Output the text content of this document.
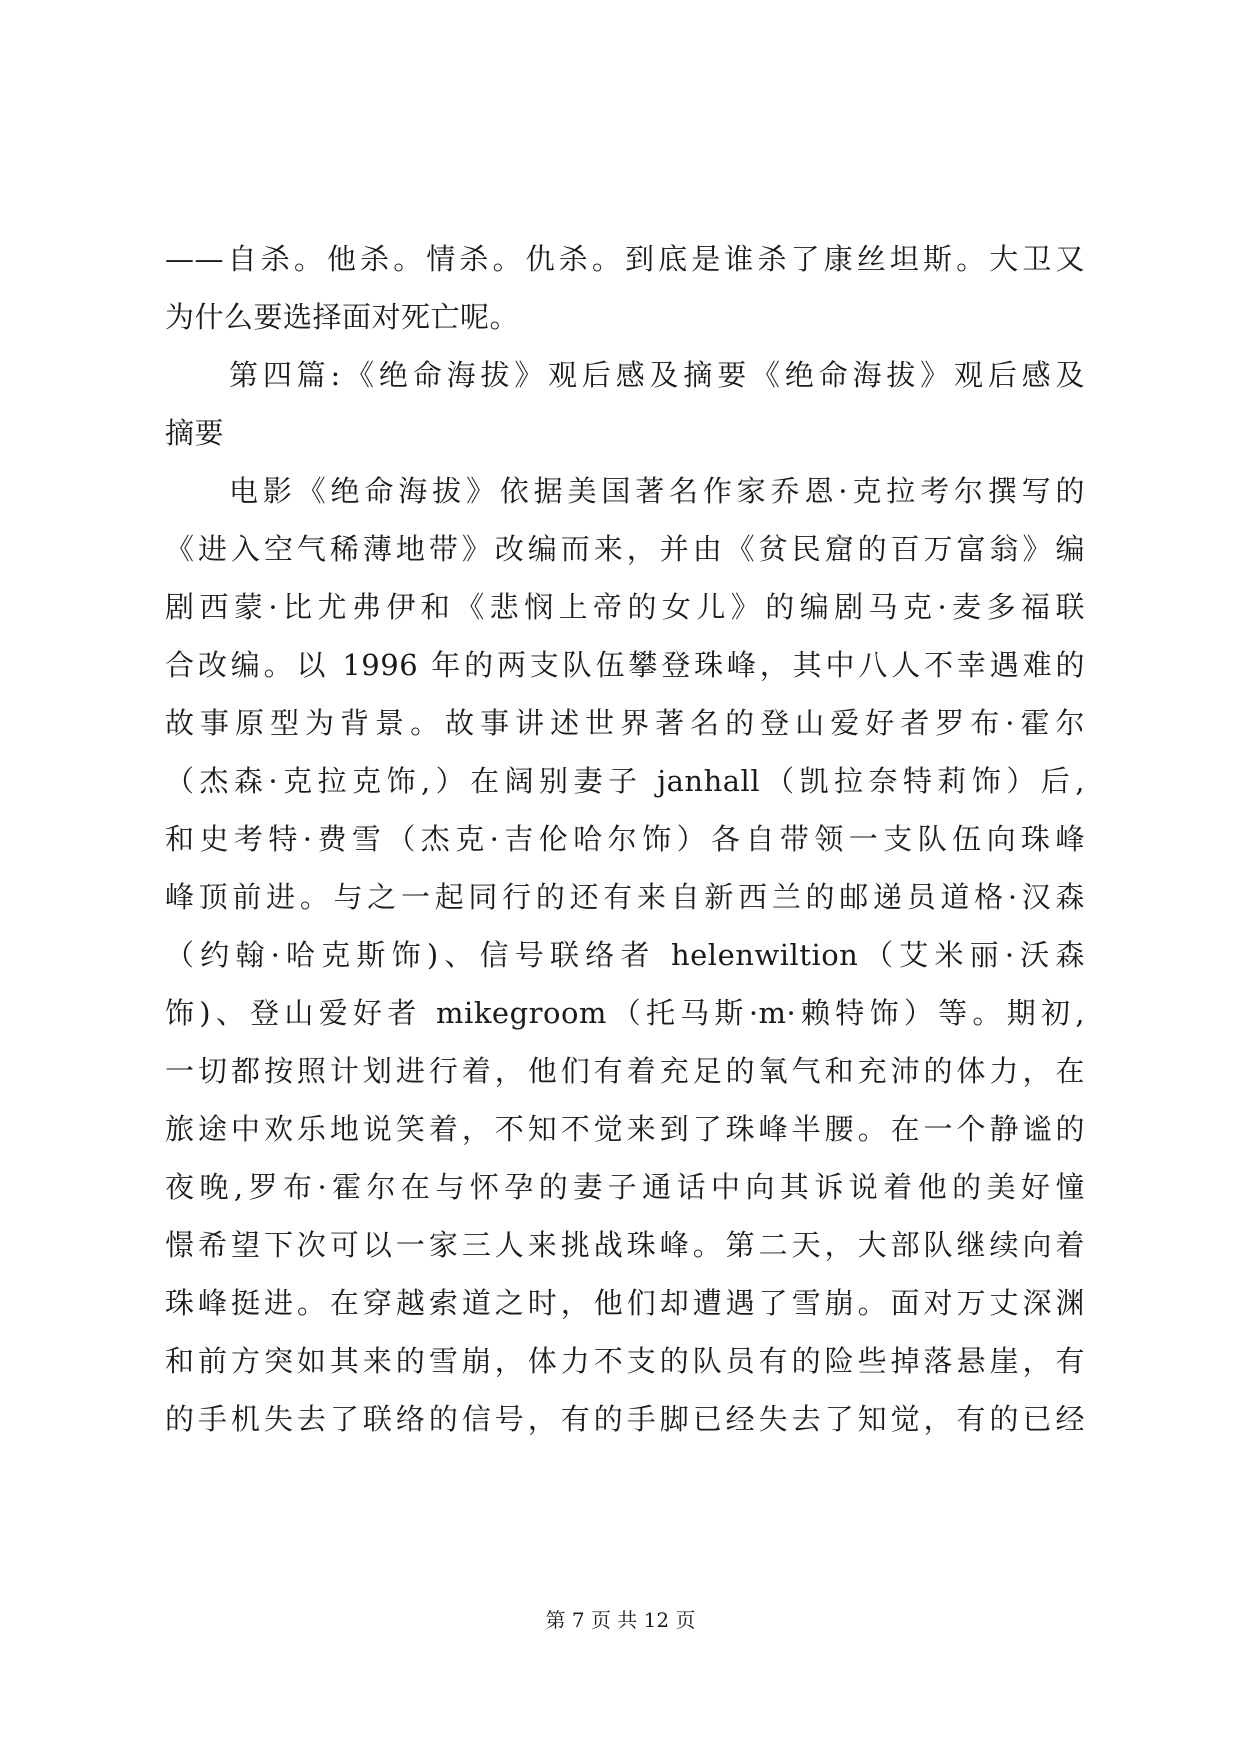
——自杀。他杀。情杀。仇杀。到底是谁杀了康丝坦斯。大卫又
为什么要选择面对死亡呢。
第四篇:《绝命海拔》观后感及摘要《绝命海拔》观后感及
摘要
电影《绝命海拔》依据美国著名作家乔恩·克拉考尔撰写的
《进入空气稀薄地带》改编而来，并由《贫民窟的百万富翁》编
剧西蒙·比尤弗伊和《悲悯上帝的女儿》的编剧马克·麦多福联
合改编。以 1996 年的两支队伍攀登珠峰，其中八人不幸遇难的
故事原型为背景。故事讲述世界著名的登山爱好者罗布·霍尔
（杰森·克拉克饰,）在阔别妻子 janhall（凯拉奈特莉饰）后,
和史考特·费雪（杰克·吉伦哈尔饰）各自带领一支队伍向珠峰
峰顶前进。与之一起同行的还有来自新西兰的邮递员道格·汉森
（约翰·哈克斯饰)、信号联络者 helenwiltion（艾米丽·沃森
饰)、登山爱好者 mikegroom（托马斯·m·赖特饰）等。期初,
一切都按照计划进行着，他们有着充足的氧气和充沛的体力，在
旅途中欢乐地说笑着，不知不觉来到了珠峰半腰。在一个静谧的
夜晚,罗布·霍尔在与怀孕的妻子通话中向其诉说着他的美好憧
憬希望下次可以一家三人来挑战珠峰。第二天，大部队继续向着
珠峰挺进。在穿越索道之时，他们却遭遇了雪崩。面对万丈深渊
和前方突如其来的雪崩，体力不支的队员有的险些掉落悬崖，有
的手机失去了联络的信号，有的手脚已经失去了知觉，有的已经
第 7 页 共 12 页
